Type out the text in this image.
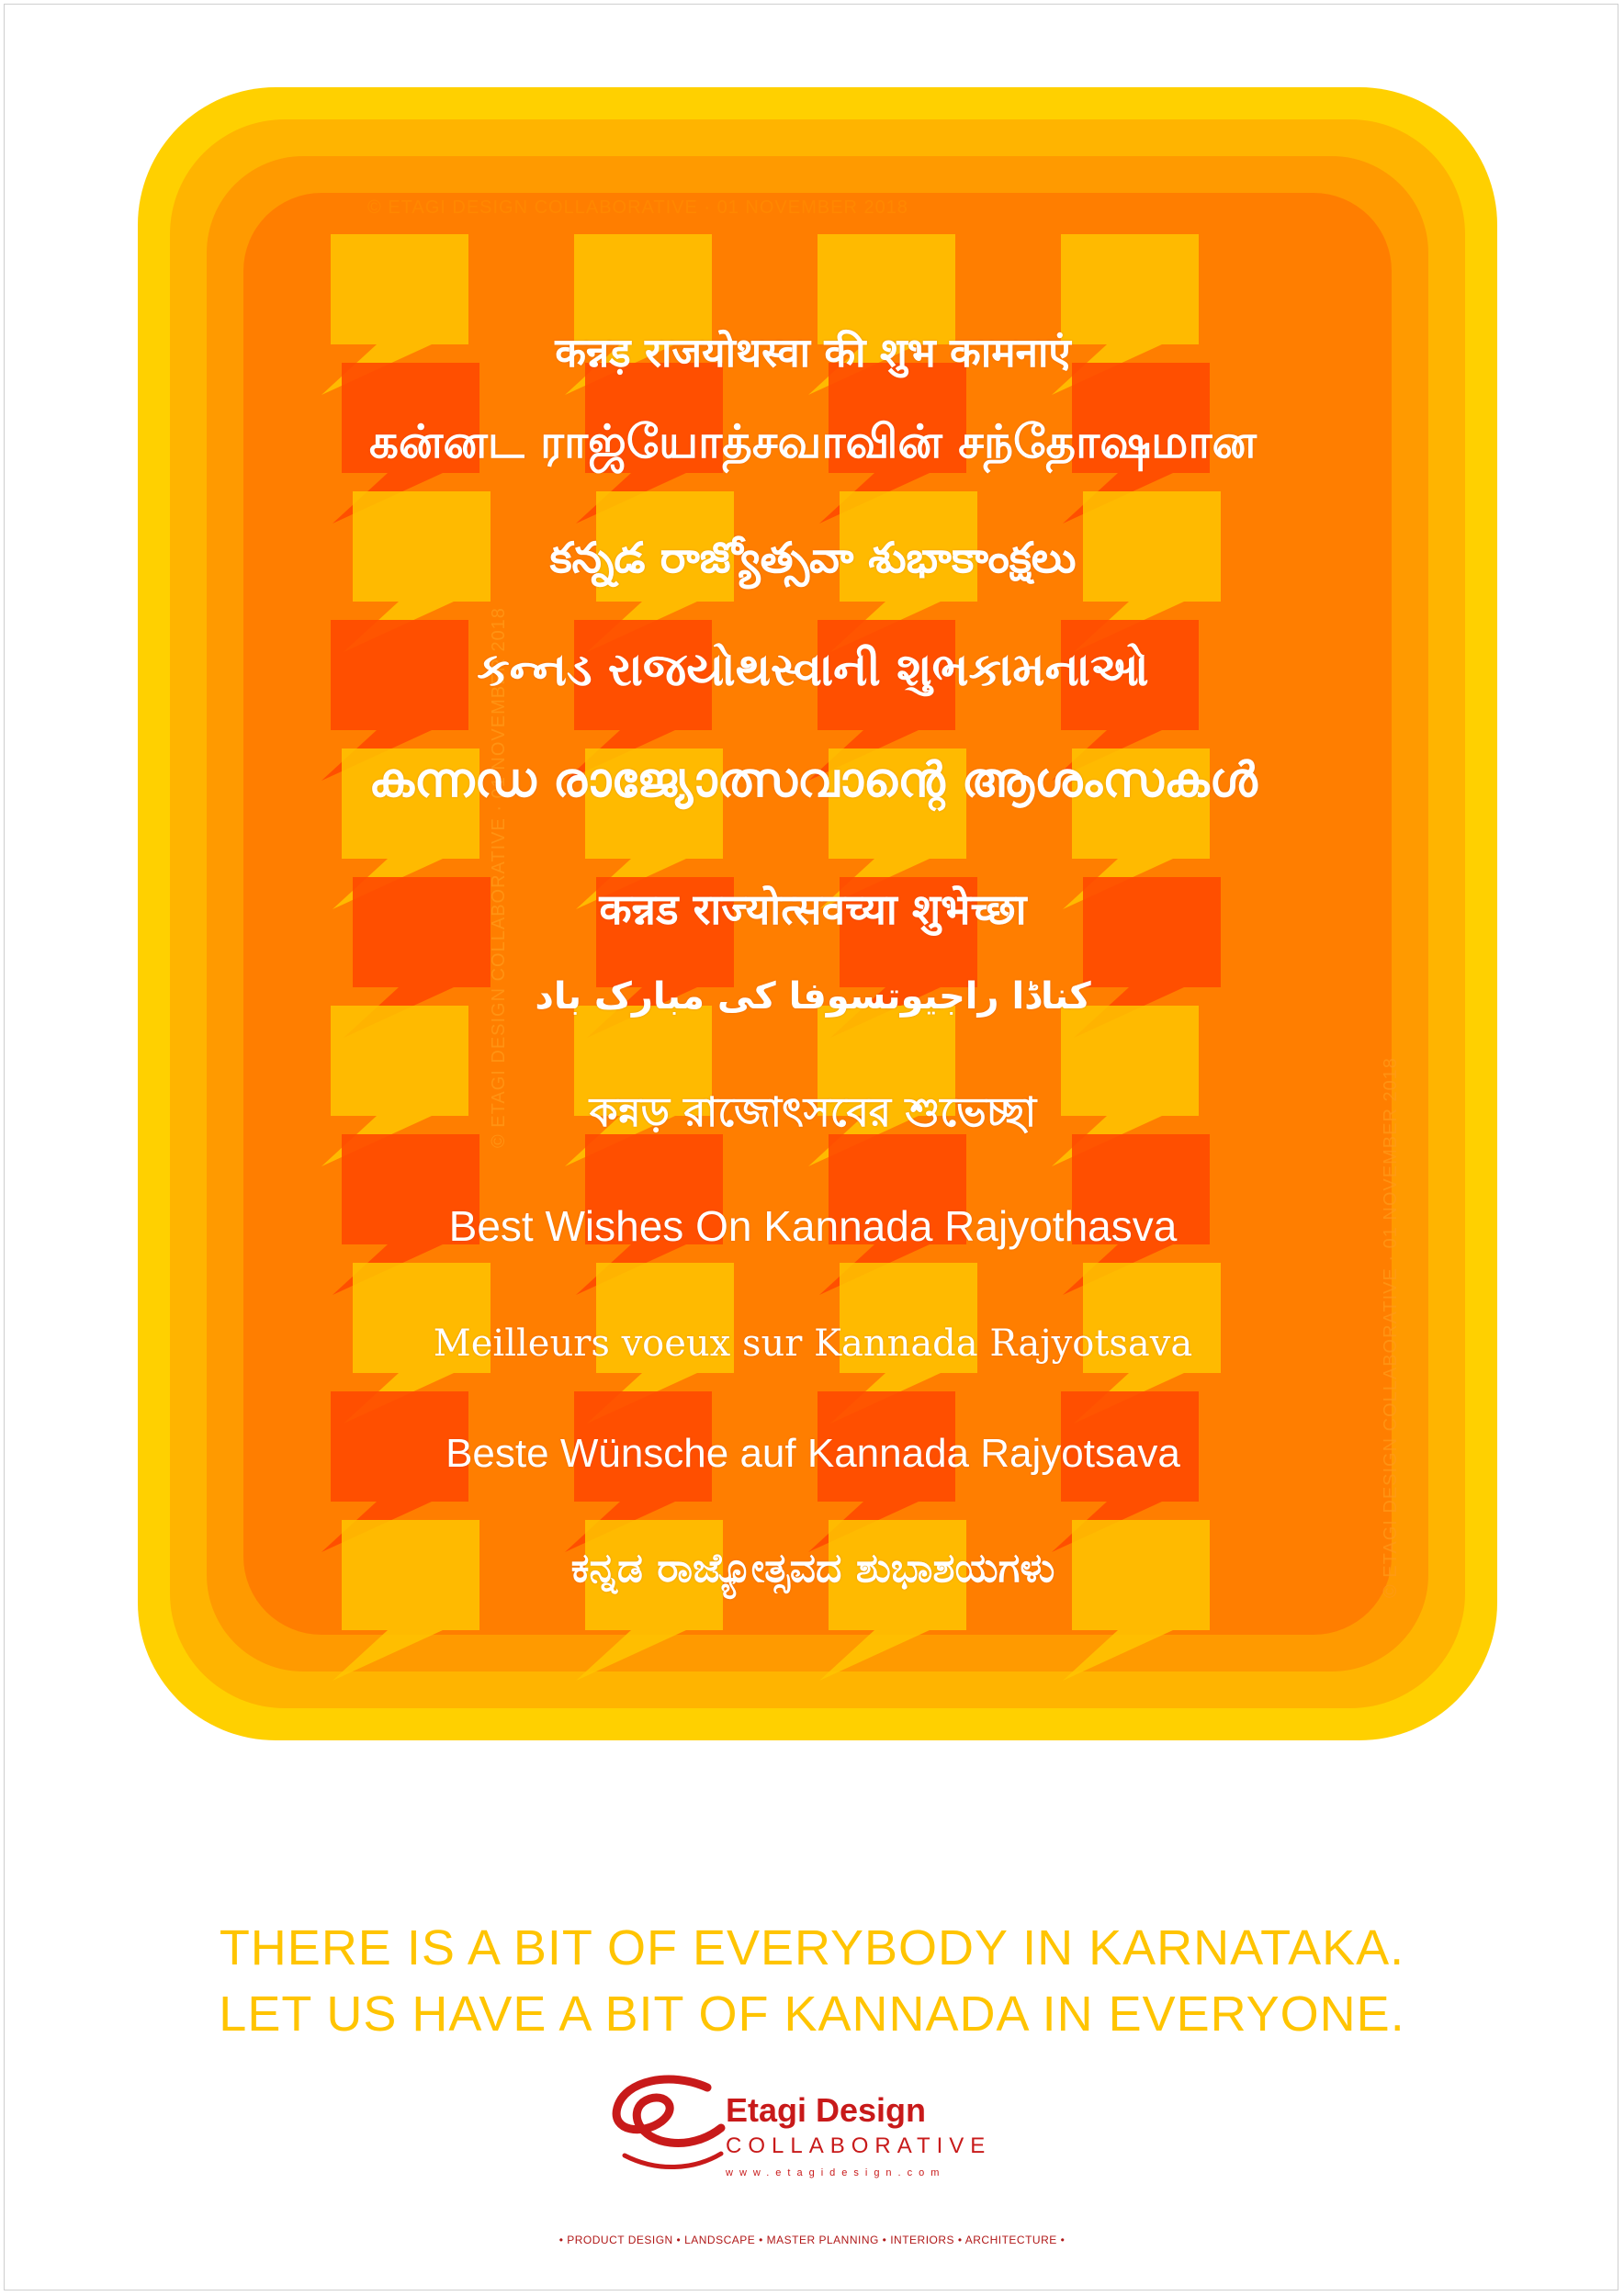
© ETAGI DESIGN COLLABORATIVE · 01 NOVEMBER 2018
© ETAGI DESIGN COLLABORATIVE · 01 NOVEMBER 2018
© ETAGI DESIGN COLLABORATIVE · 01 NOVEMBER 2018
कन्नड़ राजयोथस्वा की शुभ कामनाएं
கன்னட ராஜ்யோத்சவாவின் சந்தோஷமான
కన్నడ రాజ్యోత్సవా శుభాకాంక్షలు
કન્નડ રાજયોથસ્વાની શુભકામનાઓ
കന്നഡ രാജ്യോത്സവാന്റെ ആശംസകൾ
कन्नड राज्योत्सवच्या शुभेच्छा
کناڈا راجیوتسوفا کی مبارک باد
কন্নড় রাজোৎসবের শুভেচ্ছা
Best Wishes On Kannada Rajyothasva
Meilleurs voeux sur Kannada Rajyotsava
Beste Wünsche auf Kannada Rajyotsava
ಕನ್ನಡ ರಾಜ್ಯೋತ್ಸವದ ಶುಭಾಶಯಗಳು
THERE IS A BIT OF EVERYBODY IN KARNATAKA.
LET US HAVE A BIT OF KANNADA IN EVERYONE.
Etagi Design
COLLABORATIVE
www.etagidesign.com
• PRODUCT DESIGN • LANDSCAPE • MASTER PLANNING • INTERIORS • ARCHITECTURE •
